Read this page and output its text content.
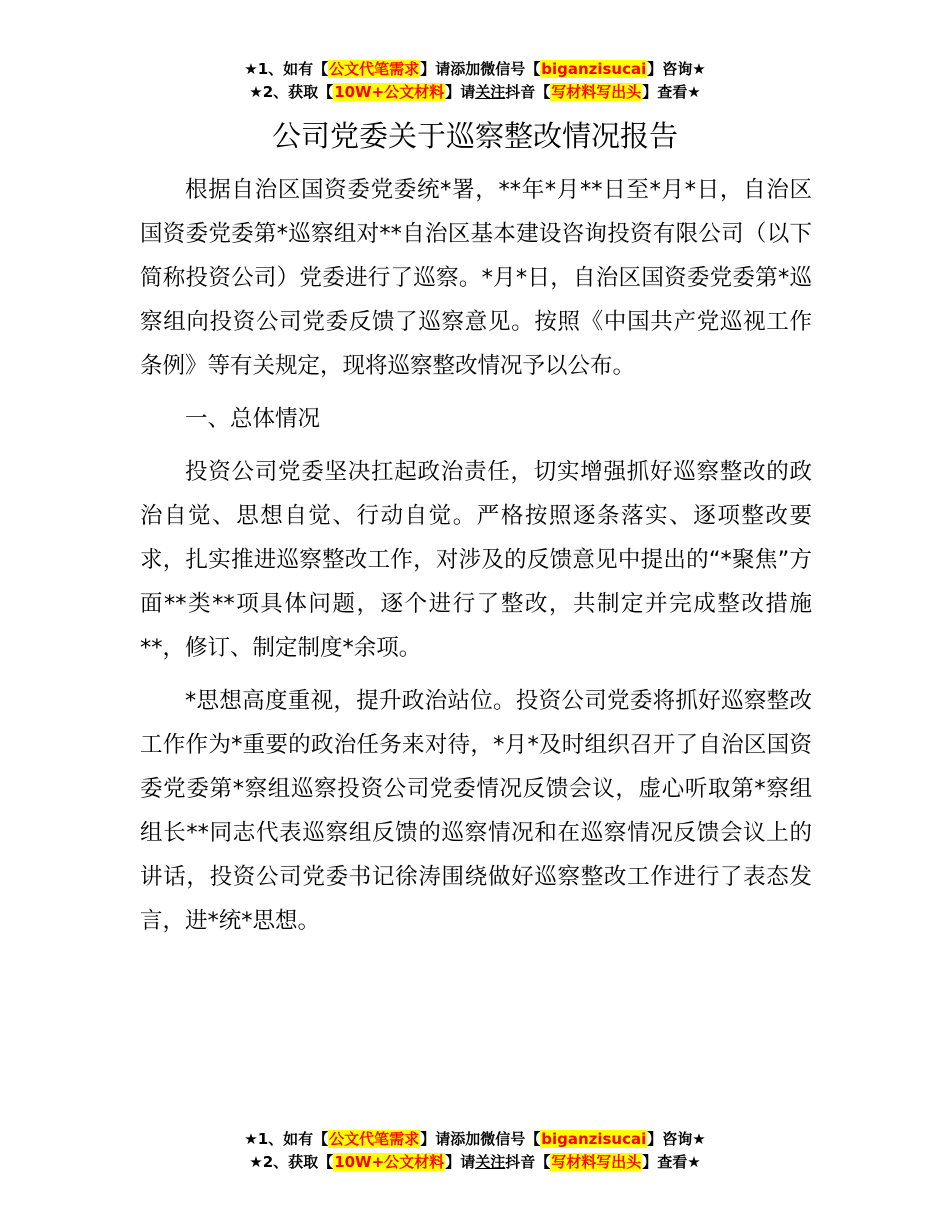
★1、如有【公文代笔需求】请添加微信号【biganzisucai】咨询★
★2、获取【10W+公文材料】请关注抖音【写材料写出头】查看★
公司党委关于巡察整改情况报告

根据自治区国资委党委统*署，**年*月**日至*月*日，自治区国资委党委第*巡察组对**自治区基本建设咨询投资有限公司（以下简称投资公司）党委进行了巡察。*月*日，自治区国资委党委第*巡察组向投资公司党委反馈了巡察意见。按照《中国共产党巡视工作条例》等有关规定，现将巡察整改情况予以公布。

一、总体情况

投资公司党委坚决扛起政治责任，切实增强抓好巡察整改的政治自觉、思想自觉、行动自觉。严格按照逐条落实、逐项整改要求，扎实推进巡察整改工作，对涉及的反馈意见中提出的“*聚焦”方面**类**项具体问题，逐个进行了整改，共制定并完成整改措施**，修订、制定制度*余项。

*思想高度重视，提升政治站位。投资公司党委将抓好巡察整改工作作为*重要的政治任务来对待，*月*及时组织召开了自治区国资委党委第*察组巡察投资公司党委情况反馈会议，虚心听取第*察组组长**同志代表巡察组反馈的巡察情况和在巡察情况反馈会议上的讲话，投资公司党委书记徐涛围绕做好巡察整改工作进行了表态发言，进*统*思想。

★1、如有【公文代笔需求】请添加微信号【biganzisucai】咨询★
★2、获取【10W+公文材料】请关注抖音【写材料写出头】查看★
